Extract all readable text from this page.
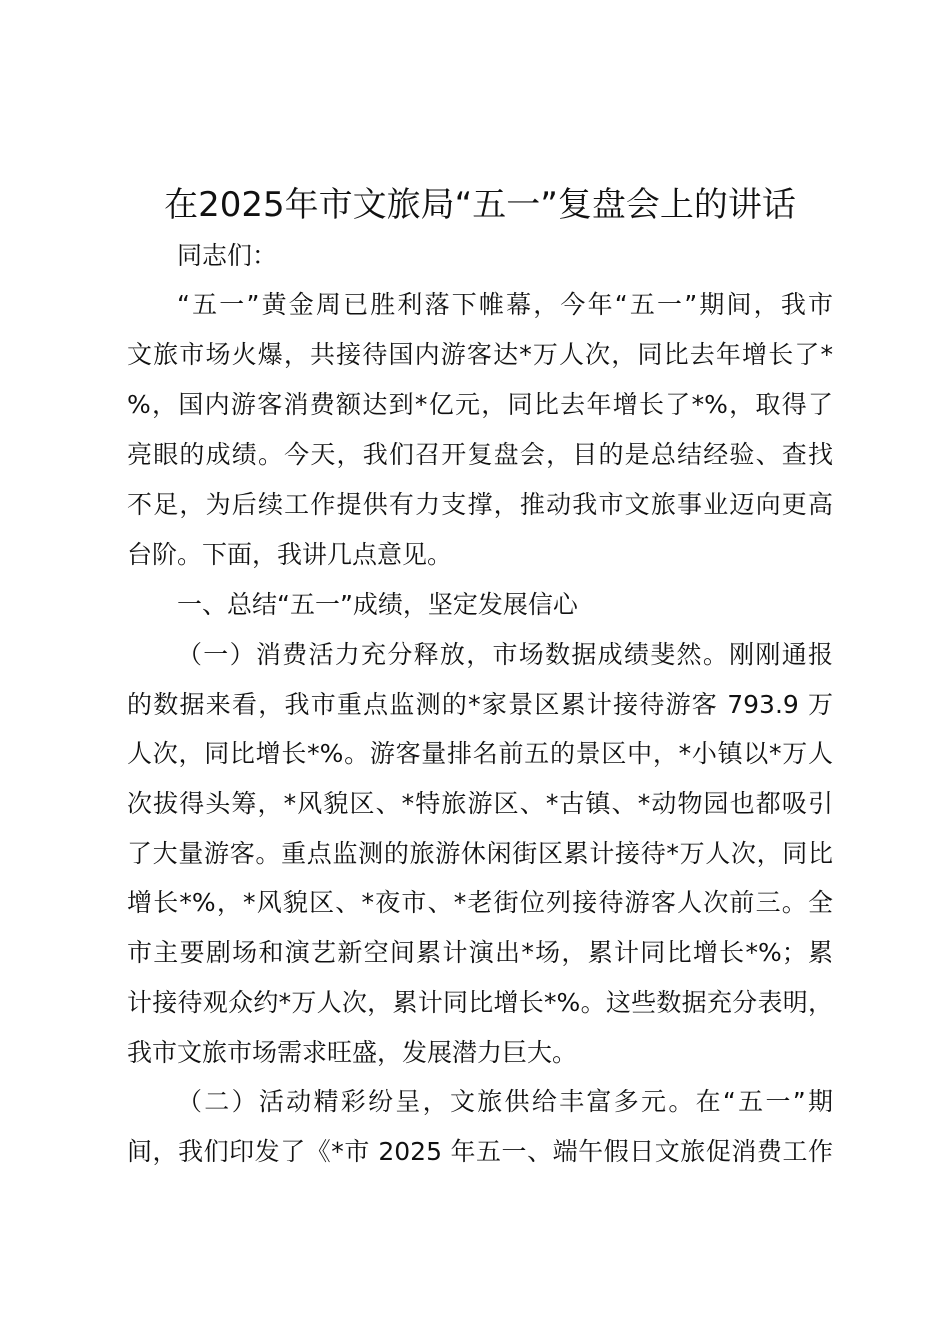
在2025年市文旅局“五一”复盘会上的讲话
同志们：
“五一”黄金周已胜利落下帷幕，今年“五一”期间，我市
文旅市场火爆，共接待国内游客达*万人次，同比去年增长了*
%，国内游客消费额达到*亿元，同比去年增长了*%，取得了
亮眼的成绩。今天，我们召开复盘会，目的是总结经验、查找
不足，为后续工作提供有力支撑，推动我市文旅事业迈向更高
台阶。下面，我讲几点意见。
一、总结“五一”成绩，坚定发展信心
（一）消费活力充分释放，市场数据成绩斐然。刚刚通报
的数据来看，我市重点监测的*家景区累计接待游客 793.9 万
人次，同比增长*%。游客量排名前五的景区中，*小镇以*万人
次拔得头筹，*风貌区、*特旅游区、*古镇、*动物园也都吸引
了大量游客。重点监测的旅游休闲街区累计接待*万人次，同比
增长*%，*风貌区、*夜市、*老街位列接待游客人次前三。全
市主要剧场和演艺新空间累计演出*场，累计同比增长*%；累
计接待观众约*万人次，累计同比增长*%。这些数据充分表明，
我市文旅市场需求旺盛，发展潜力巨大。
（二）活动精彩纷呈，文旅供给丰富多元。在“五一”期
间，我们印发了《*市 2025 年五一、端午假日文旅促消费工作
